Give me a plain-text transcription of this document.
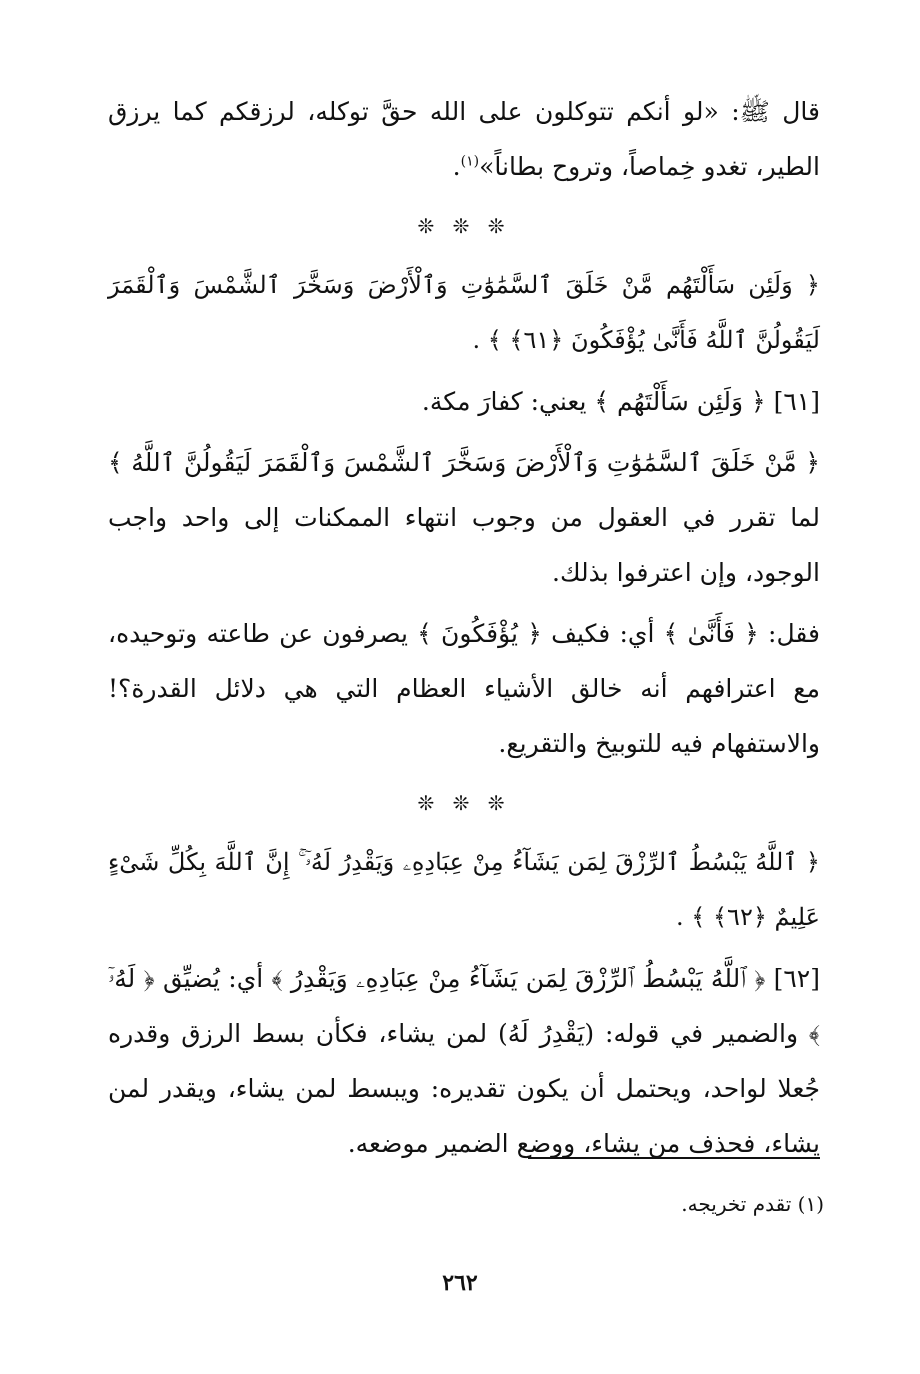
قال ﷺ: «لو أنكم تتوكلون على الله حقَّ توكله، لرزقكم كما يرزق الطير، تغدو خِماصاً، وتروح بطاناً»$^{(١)}$.

❊ ❊ ❊

﴿ وَلَئِن سَأَلْتَهُم مَّنْ خَلَقَ ٱلسَّمَٰوَٰتِ وَٱلْأَرْضَ وَسَخَّرَ ٱلشَّمْسَ وَٱلْقَمَرَ لَيَقُولُنَّ ٱللَّهُ فَأَنَّىٰ يُؤْفَكُونَ ﴿٦١﴾ ﴾ .

[٦١] ﴿ وَلَئِن سَأَلْتَهُم ﴾ يعني: كفارَ مكة.

﴿ مَّنْ خَلَقَ ٱلسَّمَٰوَٰتِ وَٱلْأَرْضَ وَسَخَّرَ ٱلشَّمْسَ وَٱلْقَمَرَ لَيَقُولُنَّ ٱللَّهُ ﴾ لما تقرر في العقول من وجوب انتهاء الممكنات إلى واحد واجب الوجود، وإن اعترفوا بذلك.

فقل: ﴿ فَأَنَّىٰ ﴾ أي: فكيف ﴿ يُؤْفَكُونَ ﴾ يصرفون عن طاعته وتوحيده، مع اعترافهم أنه خالق الأشياء العظام التي هي دلائل القدرة؟! والاستفهام فيه للتوبيخ والتقريع.

❊ ❊ ❊

﴿ ٱللَّهُ يَبْسُطُ ٱلرِّزْقَ لِمَن يَشَآءُ مِنْ عِبَادِهِۦ وَيَقْدِرُ لَهُۥٓ ۚ إِنَّ ٱللَّهَ بِكُلِّ شَىْءٍ عَلِيمٌ ﴿٦٢﴾ ﴾ .

[٦٢] ﴿ ٱللَّهُ يَبْسُطُ ٱلرِّزْقَ لِمَن يَشَآءُ مِنْ عِبَادِهِۦ وَيَقْدِرُ ﴾ أي: يُضيِّق ﴿ لَهُۥٓ ﴾ والضمير في قوله: (يَقْدِرُ لَهُ) لمن يشاء، فكأن بسط الرزق وقدره جُعلا لواحد، ويحتمل أن يكون تقديره: ويبسط لمن يشاء، ويقدر لمن يشاء، فحذف من يشاء، ووضع الضمير موضعه.

(١) تقدم تخريجه.
٢٦٢
